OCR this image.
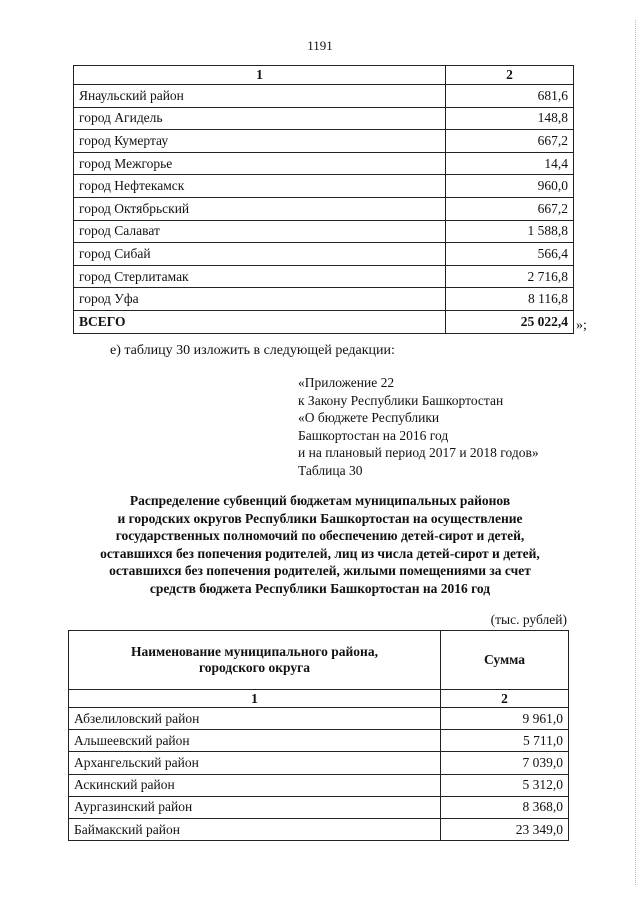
1191
1	2
Янаульский район	681,6
город Агидель	148,8
город Кумертау	667,2
город Межгорье	14,4
город Нефтекамск	960,0
город Октябрьский	667,2
город Салават	1 588,8
город Сибай	566,4
город Стерлитамак	2 716,8
город Уфа	8 116,8
ВСЕГО	25 022,4 »;
е) таблицу 30 изложить в следующей редакции:
«Приложение 22
к Закону Республики Башкортостан
«О бюджете Республики
Башкортостан на 2016 год
и на плановый период 2017 и 2018 годов»
Таблица 30
Распределение субвенций бюджетам муниципальных районов
и городских округов Республики Башкортостан на осуществление
государственных полномочий по обеспечению детей-сирот и детей,
оставшихся без попечения родителей, лиц из числа детей-сирот и детей,
оставшихся без попечения родителей, жилыми помещениями за счет
средств бюджета Республики Башкортостан на 2016 год
(тыс. рублей)
Наименование муниципального района,
городского округа	Сумма
1	2
Абзелиловский район	9 961,0
Альшеевский район	5 711,0
Архангельский район	7 039,0
Аскинский район	5 312,0
Аургазинский район	8 368,0
Баймакский район	23 349,0
